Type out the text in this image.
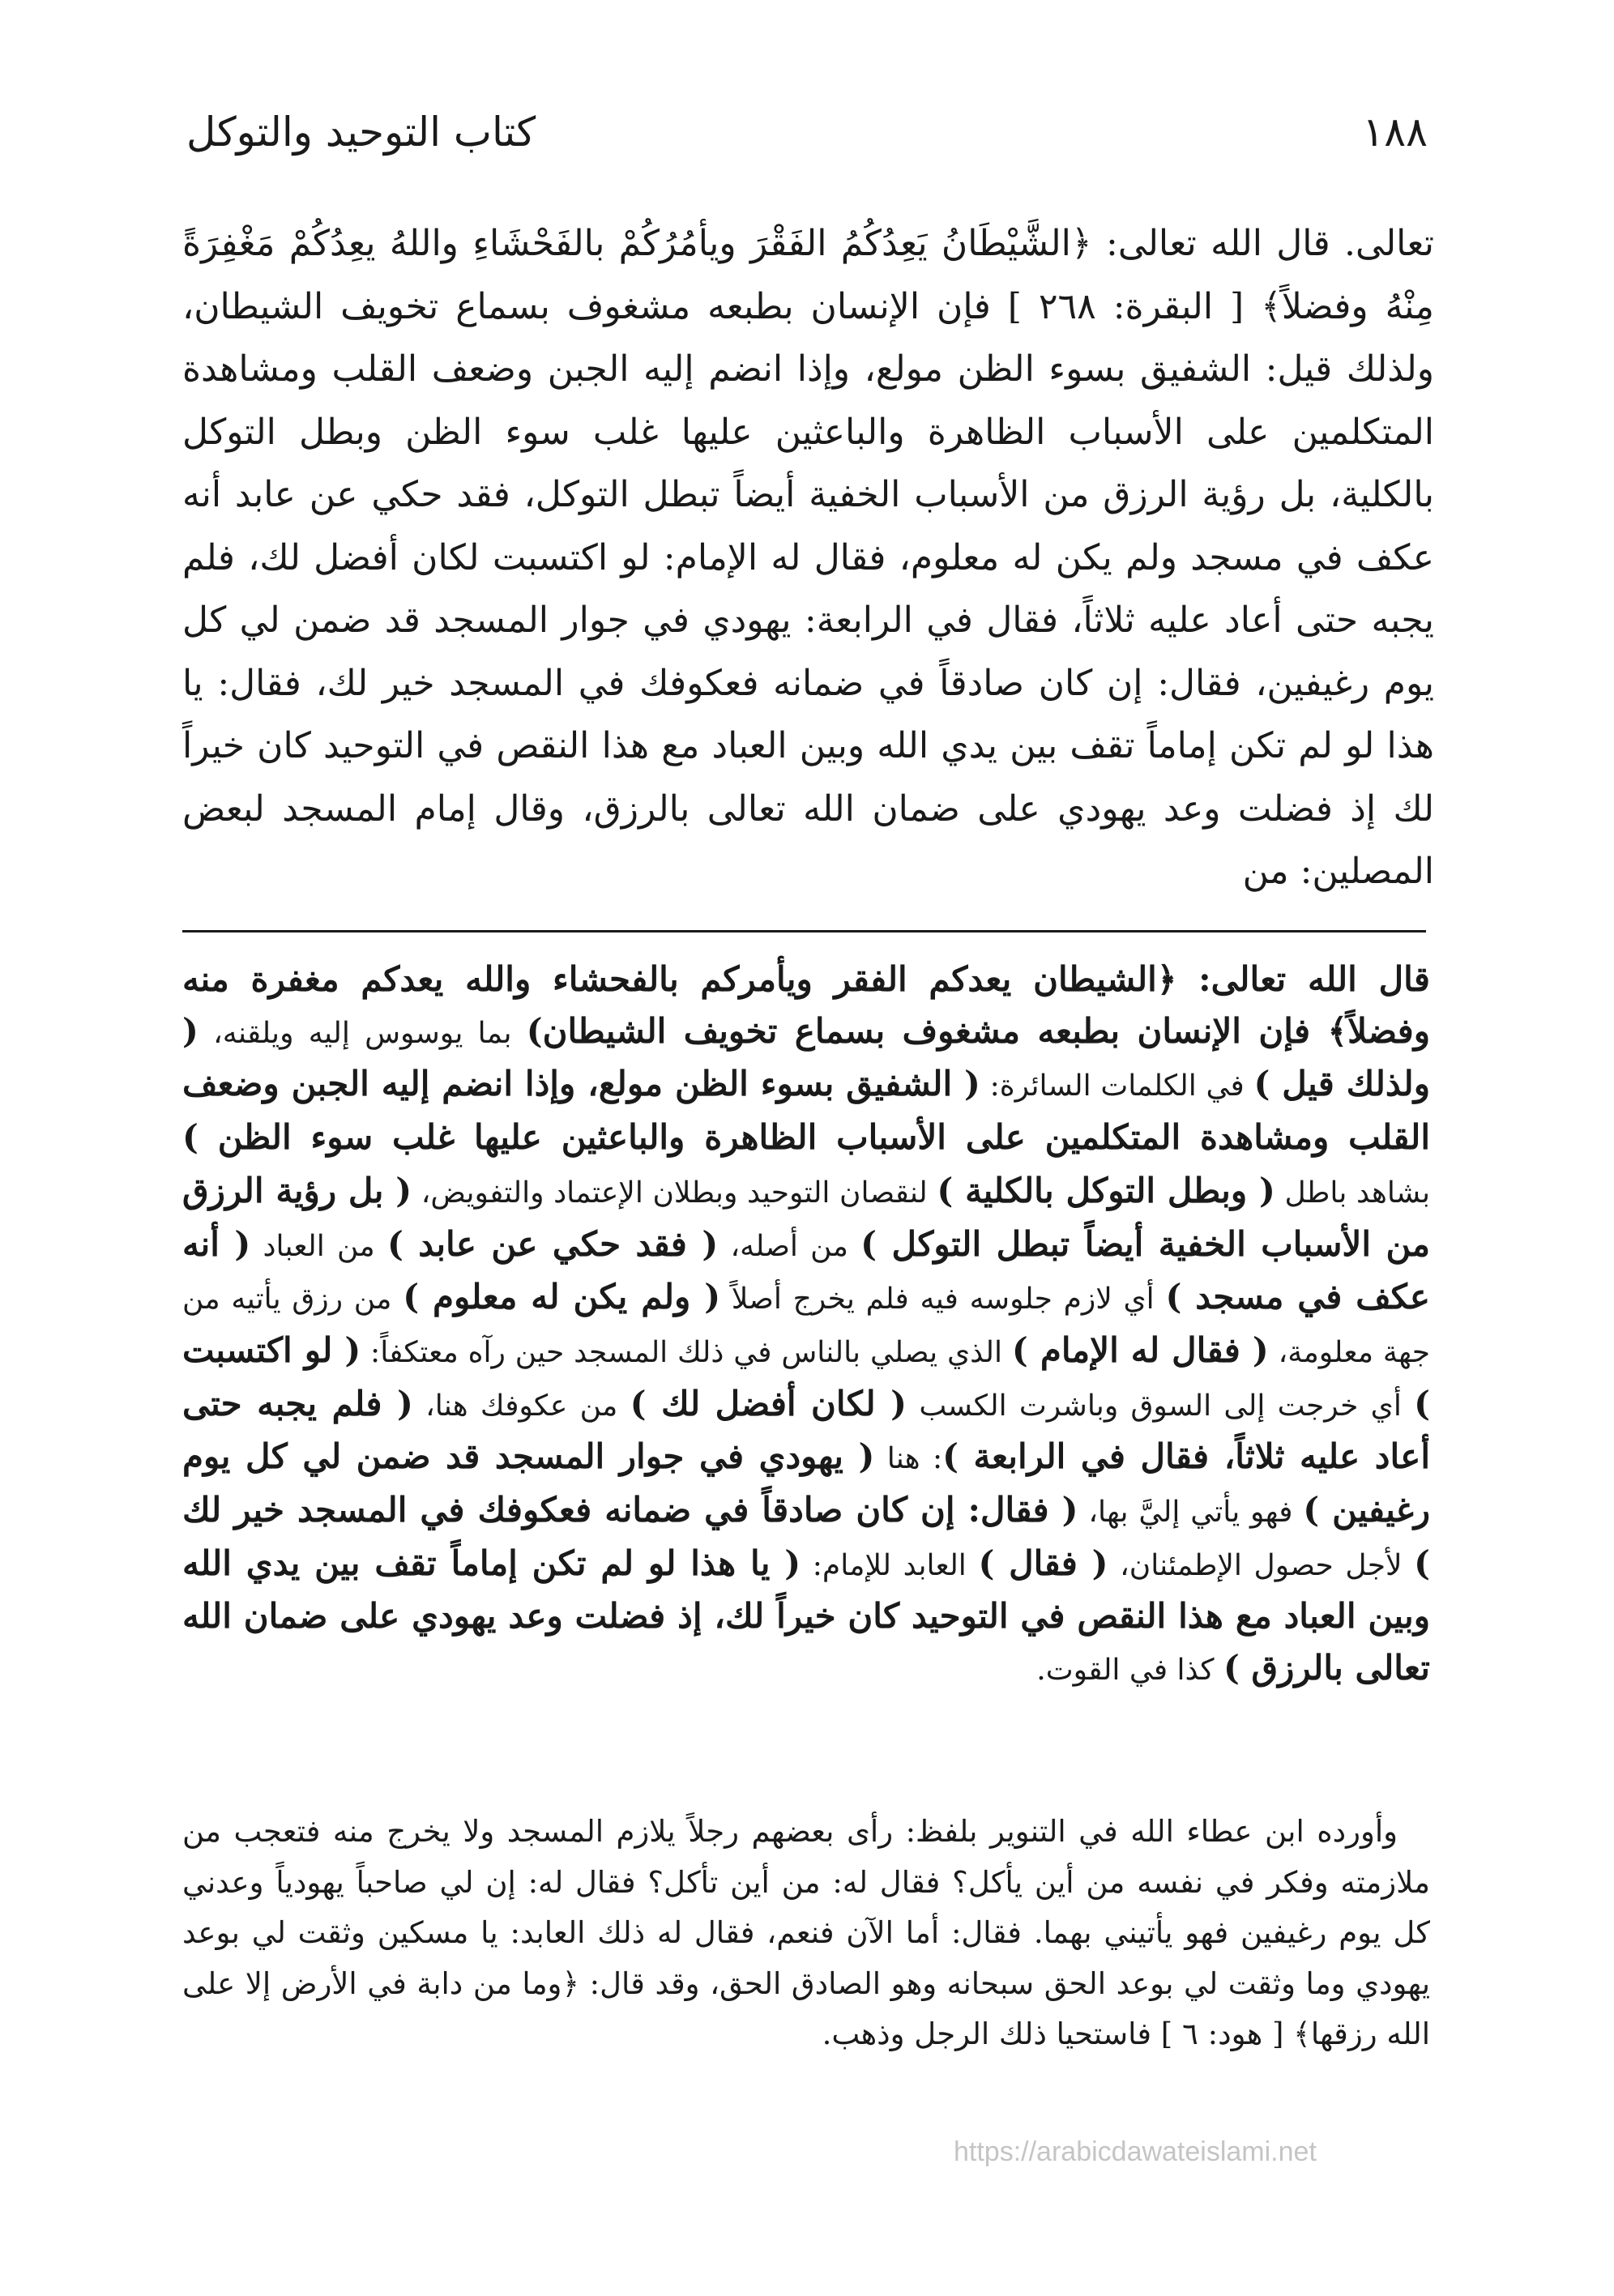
١٨٨
كتاب التوحيد والتوكل
تعالى. قال الله تعالى: ﴿الشَّيْطَانُ يَعِدُكُمُ الفَقْرَ ويأمُرُكُمْ بالفَحْشَاءِ واللهُ يعِدُكُمْ مَغْفِرَةً مِنْهُ وفضلاً﴾ [ البقرة: ٢٦٨ ] فإن الإنسان بطبعه مشغوف بسماع تخويف الشيطان، ولذلك قيل: الشفيق بسوء الظن مولع، وإذا انضم إليه الجبن وضعف القلب ومشاهدة المتكلمين على الأسباب الظاهرة والباعثين عليها غلب سوء الظن وبطل التوكل بالكلية، بل رؤية الرزق من الأسباب الخفية أيضاً تبطل التوكل، فقد حكي عن عابد أنه عكف في مسجد ولم يكن له معلوم، فقال له الإمام: لو اكتسبت لكان أفضل لك، فلم يجبه حتى أعاد عليه ثلاثاً، فقال في الرابعة: يهودي في جوار المسجد قد ضمن لي كل يوم رغيفين، فقال: إن كان صادقاً في ضمانه فعكوفك في المسجد خير لك، فقال: يا هذا لو لم تكن إماماً تقف بين يدي الله وبين العباد مع هذا النقص في التوحيد كان خيراً لك إذ فضلت وعد يهودي على ضمان الله تعالى بالرزق، وقال إمام المسجد لبعض المصلين: من
قال الله تعالى: ﴿الشيطان يعدكم الفقر ويأمركم بالفحشاء والله يعدكم مغفرة منه وفضلاً﴾ فإن الإنسان بطبعه مشغوف بسماع تخويف الشيطان) بما يوسوس إليه ويلقنه، ( ولذلك قيل ) في الكلمات السائرة: ( الشفيق بسوء الظن مولع، وإذا انضم إليه الجبن وضعف القلب ومشاهدة المتكلمين على الأسباب الظاهرة والباعثين عليها غلب سوء الظن ) بشاهد باطل ( وبطل التوكل بالكلية ) لنقصان التوحيد وبطلان الإعتماد والتفويض، ( بل رؤية الرزق من الأسباب الخفية أيضاً تبطل التوكل ) من أصله، ( فقد حكي عن عابد ) من العباد ( أنه عكف في مسجد ) أي لازم جلوسه فيه فلم يخرج أصلاً ( ولم يكن له معلوم ) من رزق يأتيه من جهة معلومة، ( فقال له الإمام ) الذي يصلي بالناس في ذلك المسجد حين رآه معتكفاً: ( لو اكتسبت ) أي خرجت إلى السوق وباشرت الكسب ( لكان أفضل لك ) من عكوفك هنا، ( فلم يجبه حتى أعاد عليه ثلاثاً، فقال في الرابعة ): هنا ( يهودي في جوار المسجد قد ضمن لي كل يوم رغيفين ) فهو يأتي إليَّ بها، ( فقال: إن كان صادقاً في ضمانه فعكوفك في المسجد خير لك ) لأجل حصول الإطمئنان، ( فقال ) العابد للإمام: ( يا هذا لو لم تكن إماماً تقف بين يدي الله وبين العباد مع هذا النقص في التوحيد كان خيراً لك، إذ فضلت وعد يهودي على ضمان الله تعالى بالرزق ) كذا في القوت.
وأورده ابن عطاء الله في التنوير بلفظ: رأى بعضهم رجلاً يلازم المسجد ولا يخرج منه فتعجب من ملازمته وفكر في نفسه من أين يأكل؟ فقال له: من أين تأكل؟ فقال له: إن لي صاحباً يهودياً وعدني كل يوم رغيفين فهو يأتيني بهما. فقال: أما الآن فنعم، فقال له ذلك العابد: يا مسكين وثقت لي بوعد يهودي وما وثقت لي بوعد الحق سبحانه وهو الصادق الحق، وقد قال: ﴿وما من دابة في الأرض إلا على الله رزقها﴾ [ هود: ٦ ] فاستحيا ذلك الرجل وذهب.
https://arabicdawateislami.net
